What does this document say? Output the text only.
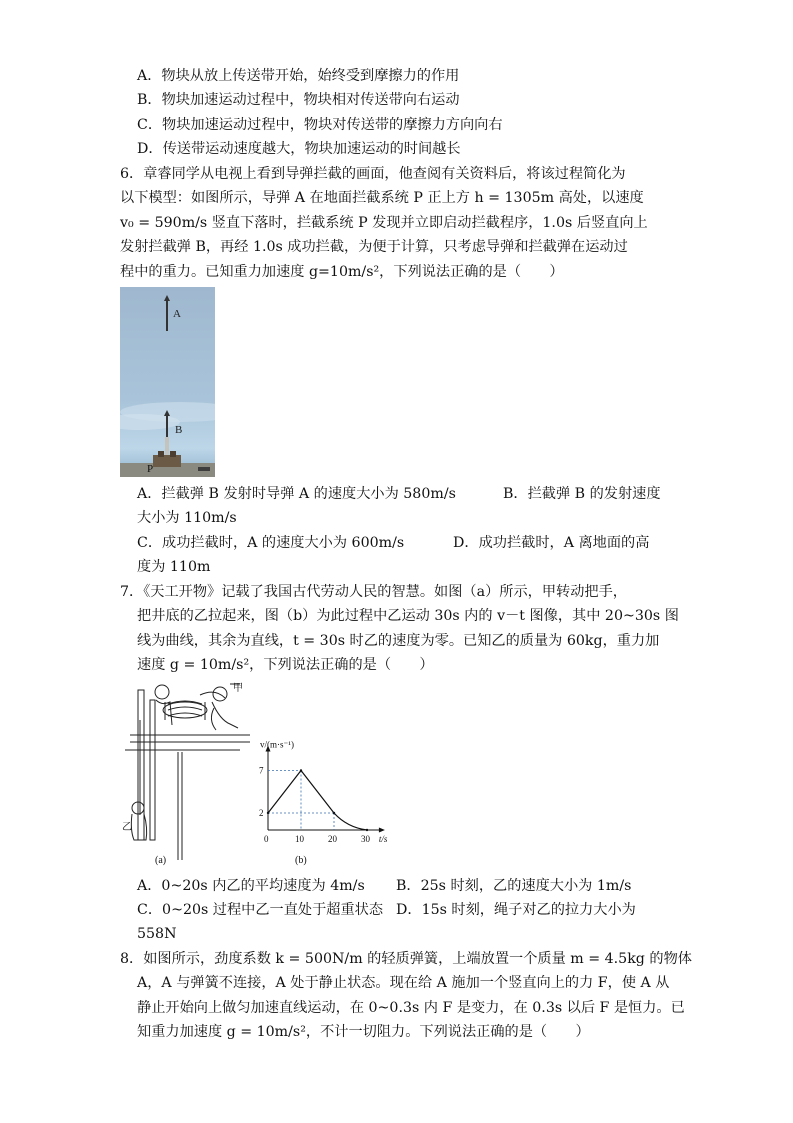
A．物块从放上传送带开始，始终受到摩擦力的作用
B．物块加速运动过程中，物块相对传送带向右运动
C．物块加速运动过程中，物块对传送带的摩擦力方向向右
D．传送带运动速度越大，物块加速运动的时间越长
6．章睿同学从电视上看到导弹拦截的画面，他查阅有关资料后，将该过程简化为
以下模型：如图所示，导弹 A 在地面拦截系统 P 正上方 h = 1305m 高处，以速度
v₀ = 590m/s 竖直下落时，拦截系统 P 发现并立即启动拦截程序，1.0s 后竖直向上
发射拦截弹 B，再经 1.0s 成功拦截，为便于计算，只考虑导弹和拦截弹在运动过
程中的重力。已知重力加速度 g=10m/s²，下列说法正确的是（　　）
A
B
P
A．拦截弹 B 发射时导弹 A 的速度大小为 580m/s	B．拦截弹 B 的发射速度
大小为 110m/s
C．成功拦截时，A 的速度大小为 600m/s	D．成功拦截时，A 离地面的高
度为 110m
7．《天工开物》记载了我国古代劳动人民的智慧。如图（a）所示，甲转动把手，
把井底的乙拉起来，图（b）为此过程中乙运动 30s 内的 v－t 图像，其中 20~30s 图
线为曲线，其余为直线，t = 30s 时乙的速度为零。已知乙的质量为 60kg，重力加
速度 g = 10m/s²，下列说法正确的是（　　）
甲
乙
(a)
v/(m·s⁻¹)
t/s
0	10	20	30
2
7
(b)
A．0~20s 内乙的平均速度为 4m/s B．25s 时刻，乙的速度大小为 1m/s
C．0~20s 过程中乙一直处于超重状态 D．15s 时刻，绳子对乙的拉力大小为
558N
8．如图所示，劲度系数 k = 500N/m 的轻质弹簧，上端放置一个质量 m = 4.5kg 的物体
A，A 与弹簧不连接，A 处于静止状态。现在给 A 施加一个竖直向上的力 F，使 A 从
静止开始向上做匀加速直线运动，在 0~0.3s 内 F 是变力，在 0.3s 以后 F 是恒力。已
知重力加速度 g = 10m/s²，不计一切阻力。下列说法正确的是（　　）
